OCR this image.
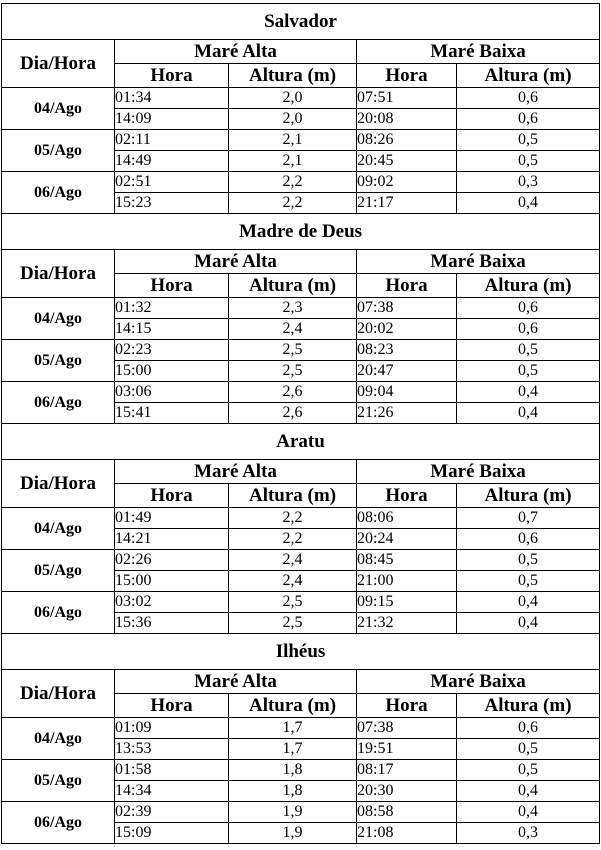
Salvador				
Dia/Hora	Maré Alta		Maré Baixa	
	Hora	Altura (m)	Hora	Altura (m)
04/Ago	01:34	2,0	07:51	0,6
	14:09	2,0	20:08	0,6
05/Ago	02:11	2,1	08:26	0,5
	14:49	2,1	20:45	0,5
06/Ago	02:51	2,2	09:02	0,3
	15:23	2,2	21:17	0,4
Madre de Deus				
Dia/Hora	Maré Alta		Maré Baixa	
	Hora	Altura (m)	Hora	Altura (m)
04/Ago	01:32	2,3	07:38	0,6
	14:15	2,4	20:02	0,6
05/Ago	02:23	2,5	08:23	0,5
	15:00	2,5	20:47	0,5
06/Ago	03:06	2,6	09:04	0,4
	15:41	2,6	21:26	0,4
Aratu				
Dia/Hora	Maré Alta		Maré Baixa	
	Hora	Altura (m)	Hora	Altura (m)
04/Ago	01:49	2,2	08:06	0,7
	14:21	2,2	20:24	0,6
05/Ago	02:26	2,4	08:45	0,5
	15:00	2,4	21:00	0,5
06/Ago	03:02	2,5	09:15	0,4
	15:36	2,5	21:32	0,4
Ilhéus				
Dia/Hora	Maré Alta		Maré Baixa	
	Hora	Altura (m)	Hora	Altura (m)
04/Ago	01:09	1,7	07:38	0,6
	13:53	1,7	19:51	0,5
05/Ago	01:58	1,8	08:17	0,5
	14:34	1,8	20:30	0,4
06/Ago	02:39	1,9	08:58	0,4
	15:09	1,9	21:08	0,3
